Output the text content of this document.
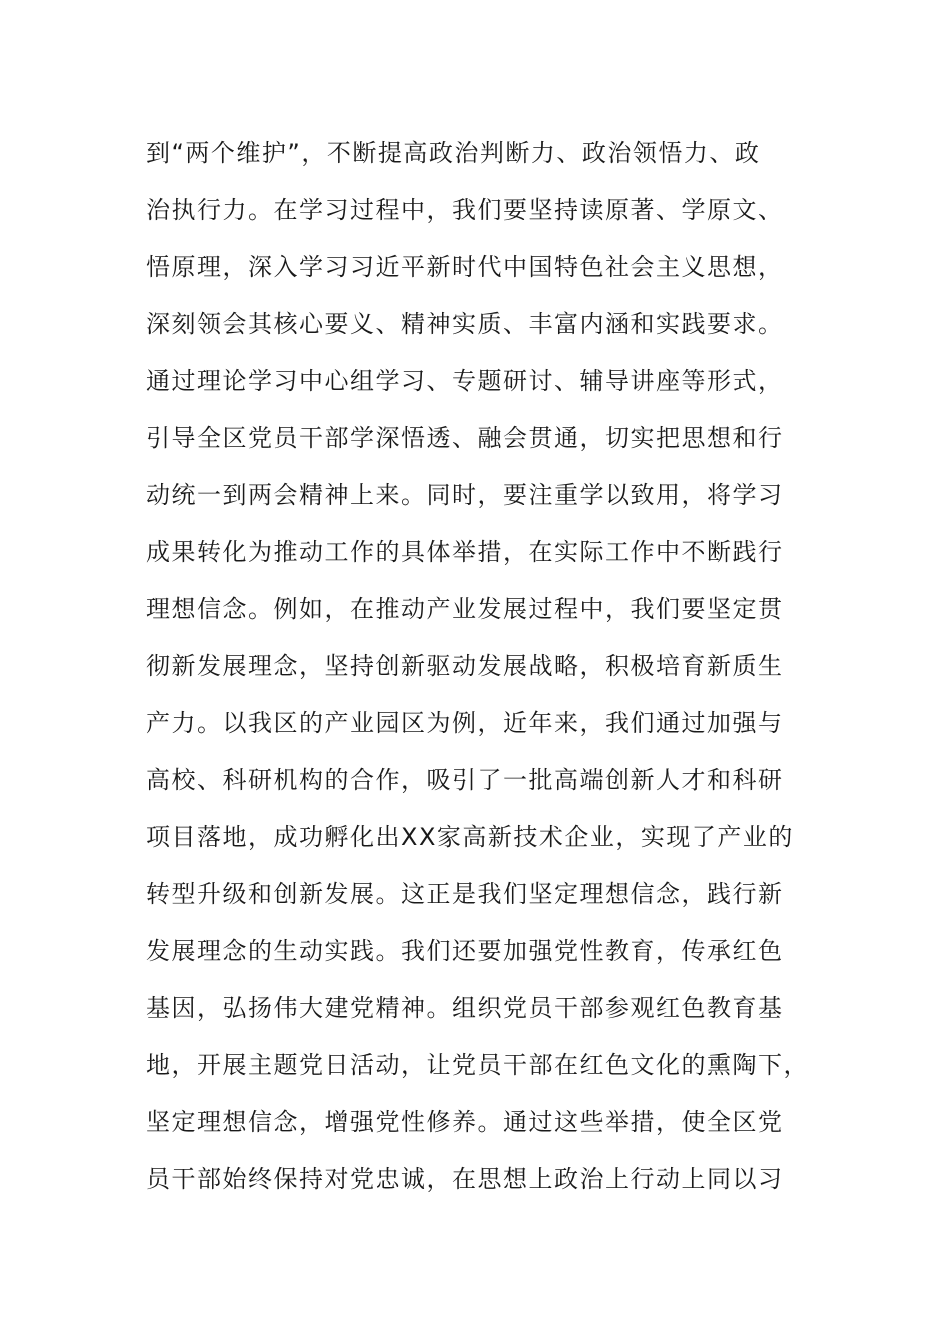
到“两个维护”，不断提高政治判断力、政治领悟力、政
治执行力。在学习过程中，我们要坚持读原著、学原文、
悟原理，深入学习习近平新时代中国特色社会主义思想，
深刻领会其核心要义、精神实质、丰富内涵和实践要求。
通过理论学习中心组学习、专题研讨、辅导讲座等形式，
引导全区党员干部学深悟透、融会贯通，切实把思想和行
动统一到两会精神上来。同时，要注重学以致用，将学习
成果转化为推动工作的具体举措，在实际工作中不断践行
理想信念。例如，在推动产业发展过程中，我们要坚定贯
彻新发展理念，坚持创新驱动发展战略，积极培育新质生
产力。以我区的产业园区为例，近年来，我们通过加强与
高校、科研机构的合作，吸引了一批高端创新人才和科研
项目落地，成功孵化出XX家高新技术企业，实现了产业的
转型升级和创新发展。这正是我们坚定理想信念，践行新
发展理念的生动实践。我们还要加强党性教育，传承红色
基因，弘扬伟大建党精神。组织党员干部参观红色教育基
地，开展主题党日活动，让党员干部在红色文化的熏陶下，
坚定理想信念，增强党性修养。通过这些举措，使全区党
员干部始终保持对党忠诚，在思想上政治上行动上同以习
